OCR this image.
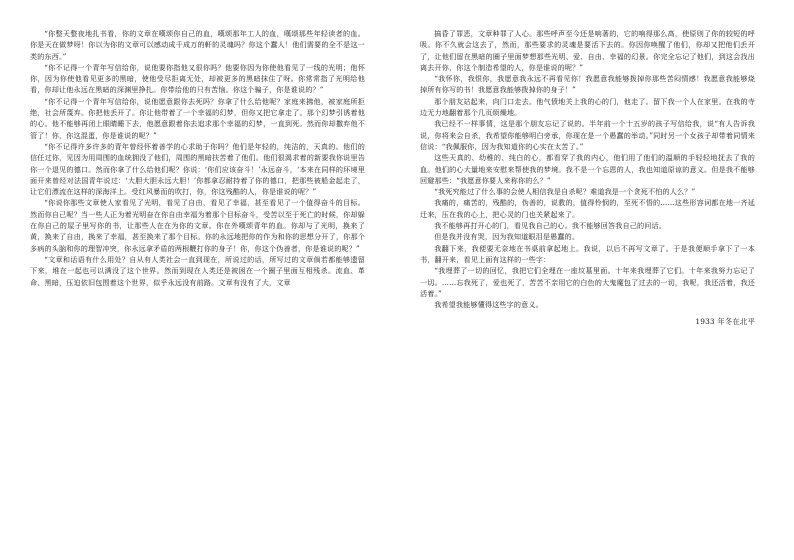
“你整天整夜地扎书看，你的文章在嘆颂你自己的血，嘆颂那年工人的血，嘆颂那些年轻读者的血。你是天在做梦呀！你以为你的文章可以感动成千成万的軒的灵魂吗？你这个蠢人！他们需要的全不是这一类的东西。”

“你不记得一个青年写信给你，说他要你指他又很你吗？他要你因为你使他看见了一线的光明；他怀你，因为你使他看见更多的黑暗，使他受尽拒离无处，却被更多的黑暗抹住了呀。你常常指了光明给他看，你却让他永远在黑暗的深渊里挣扎。你带给他的只有苦恼。你这个骗子，你是谁说的？”

“你不记得一个青年写信给你，说他愿意跟你去死吗？你拿了什么给他呢？家庭来拂他，被家庭所拒绝，社会所蔑弃。你把他丢开了。你让他带着了一个幸福的幻梦，但你又把它拿走了。那个幻梦引诱着他的心。他不能够再闭上眼睛睡下去，他愿意跟着你去追求那个幸福的幻梦，一直到死。然而你却撒弃他不管了！你，你这混蛋，你是谁说的呢？”

“你不记得许多许多的青年曾经怀着善学的心求助于你吗？他们是年轻的，纯洁的，天真的。他们的信任过你，见因为用周围的血统拥没了他们，周围的黑暗扶苦着了他们。他们很渴求着的新要我你说里告你一个退见的德口。然而你拿了什么给他们呢？你说：‘你们应该奋斗！’永远奋斗，‘本来在同样的环境里面开来曾经对法国青年说过：‘大胆大胆永远大胆！’你都拿忍耐持着了你的德口，把那些被船金起走了，让它们漂流在这样的深海洋上。受红风暴而的吹打，你，你这残酷的人，你是谁说的呢？”

“你说你那些文章使人家看见了光明，看见了自由，看见了幸福，甚至看见了一个值得奋斗的目标。然而你自己呢？当一些人正为着光明奋在你自由幸福为着那个目标奋斗，受苦以至于死亡的时候，你却躲在你自己的屋子里写你的书，让那些人在在为你的文章。你在外嘆颂青年的血。你却与了光明，换来了黄，换来了自由，换来了幸福，甚至换来了那个目标。你的永远地把你的作为和你的思想分开了，你那个多病的头脑和你的理智冲突，你永远拿矛盾的两根鞭打你的身子！你，你这个伪善者，你是谁说的呢？”

“文章和话语有什么用处？自从有人类社会一直到现在，所说过的话，所写过的文章倘若都能够遗留下来，堆在一起也可以满没了这个世界。然而到现在人类还是被困在一个圈子里面互相残杀。流血、革命、黑暗，压迫依旧包围着这个世界，似乎永远没有前路。文章有没有了大，文章

搞昏了罪恶，文章种罪了人心。那些呼声至今还是响著的，它的响得那么高，使原则了你的较短的呼吸。你不久就会这去了，然而，那些要求的灵魂是要活下去的。你因你唤醒了他们，你却又把他们丢开了，让他们留在黑暗的圈子里面梦想那些光明、爱、自由、幸福的幻景。你完全忘记了他们，到这会找出离去开你，你这个制造希望的人，你是谁说的呢？”

“我怀你，我恨你，我愿意我永远不再看见你！我愿意我能够拨掉你那些苦闷情感！我愿意我能够烧掉所有你写的书！我愿意我能够拨掉你的身子！”

那个朋友站起来，向门口走去。他气愤地关上我的心的门，他走了。留下我一个人在家里。在我的寺边无力地翻着那个几页烦燥地。

我已经不一样事情，这是那个朋友忘记了说的。半年前一个十五岁的孩子写信给我，说“有人告诉我说，你将来会自杀，我希望你能够明白旁承，你现在是一个愚蠢的举动。”同时另一个女孩子却带着同情来信说：“我佩服你，因为我知道你的心实在太苦了。”

这些天真的、幼稚的、纯白的心，都看穿了我的内心，他们用了他们的温顺的手轻轻地抚去了我的血。他们的心大量地来安慰来帮使我的梦境。我不是一个忘恩的人，我也知道原谅的意义。但是我不能够回避那些：“我愿意你要人来称你的么？”

“我死究能过了什么事的会使人相信我是自杀呢？难道我是一个贪死不怕的人么？”

我痛的，痛苦的，残酷的，伪善的，说教的，值得怜悯的，至死不悟的……这些形容词都在地一齐延迁来，压在我的心上，把心灵的门也关紧起来了。

我不能够再打开心的门，看见我自己的心。我不能够回答我自己的问话。

但是我并没有哭，因为我知道眼泪是愚蠢的。

我翻下来，我便要无奈地在书桌前拿起地上。我说，以后不再写文章了。于是我便顺手拿下了一本书，翻开来，看见上面有这样的一些字：

“我埋葬了一切的回忆，我把它们全埋在一座坟墓里面。十年来我埋葬了它们。十年来我努力忘记了一切。……忘我死了，爱也死了，苦苦不亲用它的白色的大鬼魔包了过去的一切，我呢，我还活着，我还活着。”

我希望我能够懂得这些字的意义。

1933 年冬在北平
